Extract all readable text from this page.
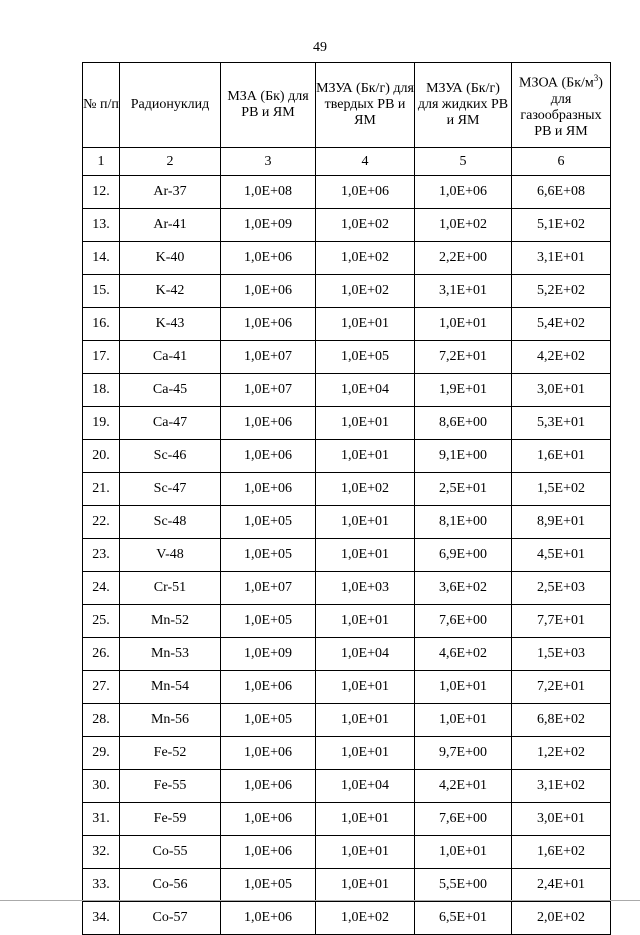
49
№ п/п	Радионуклид	МЗА (Бк) для РВ и ЯМ	МЗУА (Бк/г) для твердых РВ и ЯМ	МЗУА (Бк/г) для жидких РВ и ЯМ	МЗОА $(Бк/м^3)$ для газообразных РВ и ЯМ
1	2	3	4	5	6
12.	Ar-37	1,0E+08	1,0E+06	1,0E+06	6,6E+08
13.	Ar-41	1,0E+09	1,0E+02	1,0E+02	5,1E+02
14.	K-40	1,0E+06	1,0E+02	2,2E+00	3,1E+01
15.	K-42	1,0E+06	1,0E+02	3,1E+01	5,2E+02
16.	K-43	1,0E+06	1,0E+01	1,0E+01	5,4E+02
17.	Ca-41	1,0E+07	1,0E+05	7,2E+01	4,2E+02
18.	Ca-45	1,0E+07	1,0E+04	1,9E+01	3,0E+01
19.	Ca-47	1,0E+06	1,0E+01	8,6E+00	5,3E+01
20.	Sc-46	1,0E+06	1,0E+01	9,1E+00	1,6E+01
21.	Sc-47	1,0E+06	1,0E+02	2,5E+01	1,5E+02
22.	Sc-48	1,0E+05	1,0E+01	8,1E+00	8,9E+01
23.	V-48	1,0E+05	1,0E+01	6,9E+00	4,5E+01
24.	Cr-51	1,0E+07	1,0E+03	3,6E+02	2,5E+03
25.	Mn-52	1,0E+05	1,0E+01	7,6E+00	7,7E+01
26.	Mn-53	1,0E+09	1,0E+04	4,6E+02	1,5E+03
27.	Mn-54	1,0E+06	1,0E+01	1,0E+01	7,2E+01
28.	Mn-56	1,0E+05	1,0E+01	1,0E+01	6,8E+02
29.	Fe-52	1,0E+06	1,0E+01	9,7E+00	1,2E+02
30.	Fe-55	1,0E+06	1,0E+04	4,2E+01	3,1E+02
31.	Fe-59	1,0E+06	1,0E+01	7,6E+00	3,0E+01
32.	Co-55	1,0E+06	1,0E+01	1,0E+01	1,6E+02
33.	Co-56	1,0E+05	1,0E+01	5,5E+00	2,4E+01
34.	Co-57	1,0E+06	1,0E+02	6,5E+01	2,0E+02
